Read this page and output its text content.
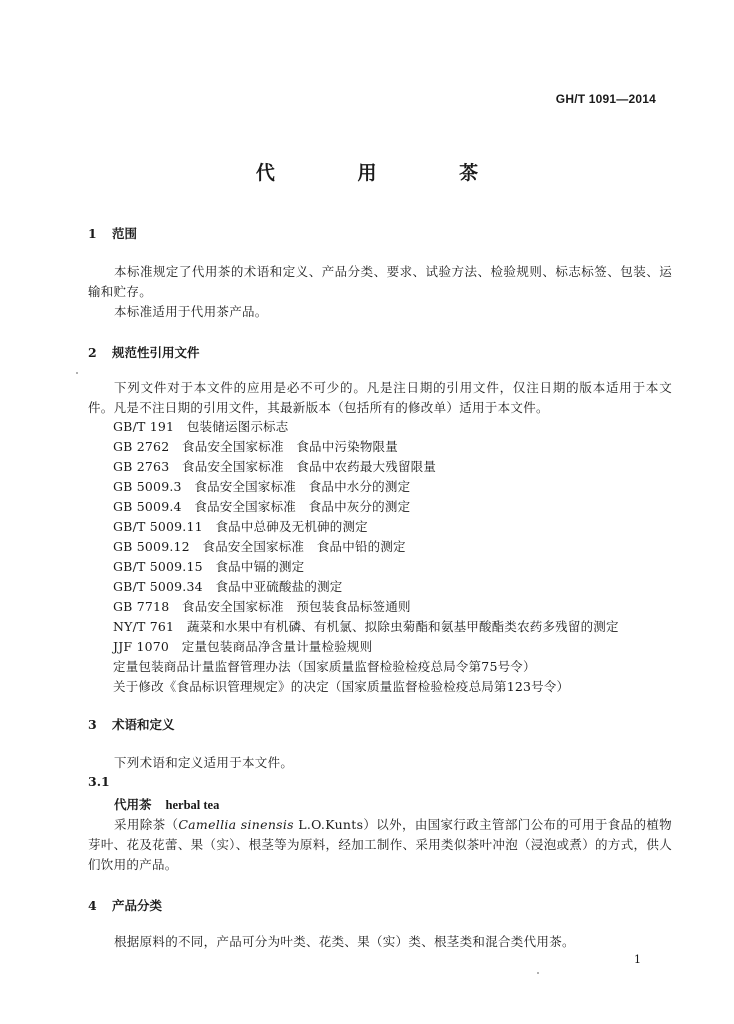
GH/T 1091—2014
代 用 茶
1 范围
本标准规定了代用茶的术语和定义、产品分类、要求、试验方法、检验规则、标志标签、包装、运输和贮存。
本标准适用于代用茶产品。
2 规范性引用文件
下列文件对于本文件的应用是必不可少的。凡是注日期的引用文件，仅注日期的版本适用于本文件。凡是不注日期的引用文件，其最新版本（包括所有的修改单）适用于本文件。
GB/T 191　包装储运图示标志
GB 2762　食品安全国家标准　食品中污染物限量
GB 2763　食品安全国家标准　食品中农药最大残留限量
GB 5009.3　食品安全国家标准　食品中水分的测定
GB 5009.4　食品安全国家标准　食品中灰分的测定
GB/T 5009.11　食品中总砷及无机砷的测定
GB 5009.12　食品安全国家标准　食品中铅的测定
GB/T 5009.15　食品中镉的测定
GB/T 5009.34　食品中亚硫酸盐的测定
GB 7718　食品安全国家标准　预包装食品标签通则
NY/T 761　蔬菜和水果中有机磷、有机氯、拟除虫菊酯和氨基甲酸酯类农药多残留的测定
JJF 1070　定量包装商品净含量计量检验规则
定量包装商品计量监督管理办法（国家质量监督检验检疫总局令第75号令）
关于修改《食品标识管理规定》的决定（国家质量监督检验检疫总局第123号令）
3 术语和定义
下列术语和定义适用于本文件。
3.1
代用茶 herbal tea
采用除茶（Camellia sinensis L.O.Kunts）以外，由国家行政主管部门公布的可用于食品的植物芽叶、花及花蕾、果（实）、根茎等为原料，经加工制作、采用类似茶叶冲泡（浸泡或煮）的方式，供人们饮用的产品。
4 产品分类
根据原料的不同，产品可分为叶类、花类、果（实）类、根茎类和混合类代用茶。
1
